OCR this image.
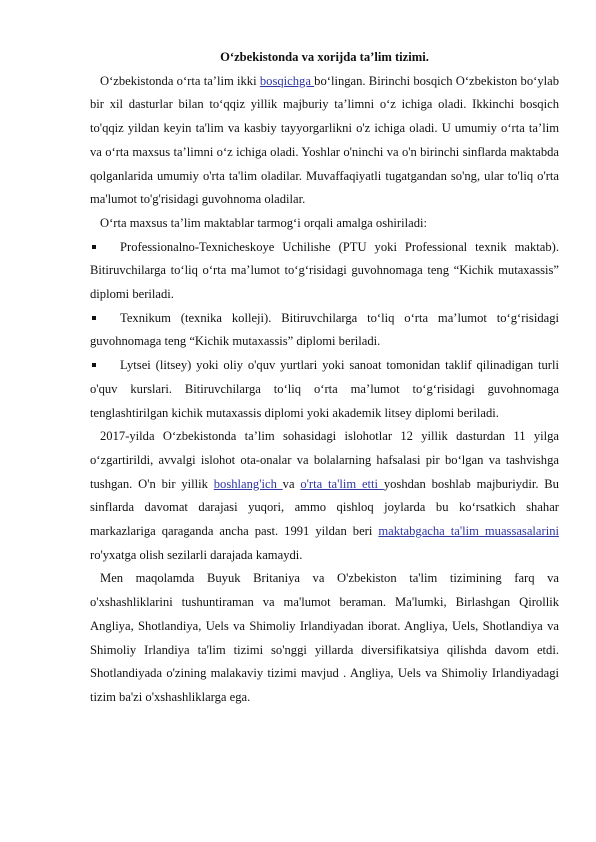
O‘zbekistonda va xorijda ta’lim tizimi.

O‘zbekistonda o‘rta ta’lim ikki bosqichga bo‘lingan. Birinchi bosqich O‘zbekiston bo‘ylab bir xil dasturlar bilan to‘qqiz yillik majburiy ta’limni o‘z ichiga oladi. Ikkinchi bosqich to'qqiz yildan keyin ta'lim va kasbiy tayyorgarlikni o'z ichiga oladi. U umumiy o‘rta ta’lim va o‘rta maxsus ta’limni o‘z ichiga oladi. Yoshlar o'ninchi va o'n birinchi sinflarda maktabda qolganlarida umumiy o'rta ta'lim oladilar. Muvaffaqiyatli tugatgandan so'ng, ular to'liq o'rta ma'lumot to'g'risidagi guvohnoma oladilar.

O‘rta maxsus ta’lim maktablar tarmog‘i orqali amalga oshiriladi:

Professionalno-Texnicheskoye Uchilishe (PTU yoki Professional texnik maktab). Bitiruvchilarga to‘liq o‘rta ma’lumot to‘g‘risidagi guvohnomaga teng “Kichik mutaxassis” diplomi beriladi.

Texnikum (texnika kolleji). Bitiruvchilarga to‘liq o‘rta ma’lumot to‘g‘risidagi guvohnomaga teng “Kichik mutaxassis” diplomi beriladi.

Lytsei (litsey) yoki oliy o'quv yurtlari yoki sanoat tomonidan taklif qilinadigan turli o'quv kurslari. Bitiruvchilarga to‘liq o‘rta ma’lumot to‘g‘risidagi guvohnomaga tenglashtirilgan kichik mutaxassis diplomi yoki akademik litsey diplomi beriladi.

2017-yilda O‘zbekistonda ta’lim sohasidagi islohotlar 12 yillik dasturdan 11 yilga o‘zgartirildi, avvalgi islohot ota-onalar va bolalarning hafsalasi pir bo‘lgan va tashvishga tushgan. O'n bir yillik boshlang'ich va o'rta ta'lim etti yoshdan boshlab majburiydir. Bu sinflarda davomat darajasi yuqori, ammo qishloq joylarda bu ko‘rsatkich shahar markazlariga qaraganda ancha past. 1991 yildan beri maktabgacha ta'lim muassasalarini ro'yxatga olish sezilarli darajada kamaydi.

Men maqolamda Buyuk Britaniya va O'zbekiston ta'lim tizimining farq va o'xshashliklarini tushuntiraman va ma'lumot beraman. Ma'lumki, Birlashgan Qirollik Angliya, Shotlandiya, Uels va Shimoliy Irlandiyadan iborat. Angliya, Uels, Shotlandiya va Shimoliy Irlandiya ta'lim tizimi so'nggi yillarda diversifikatsiya qilishda davom etdi. Shotlandiyada o'zining malakaviy tizimi mavjud . Angliya, Uels va Shimoliy Irlandiyadagi tizim ba'zi o'xshashliklarga ega.
